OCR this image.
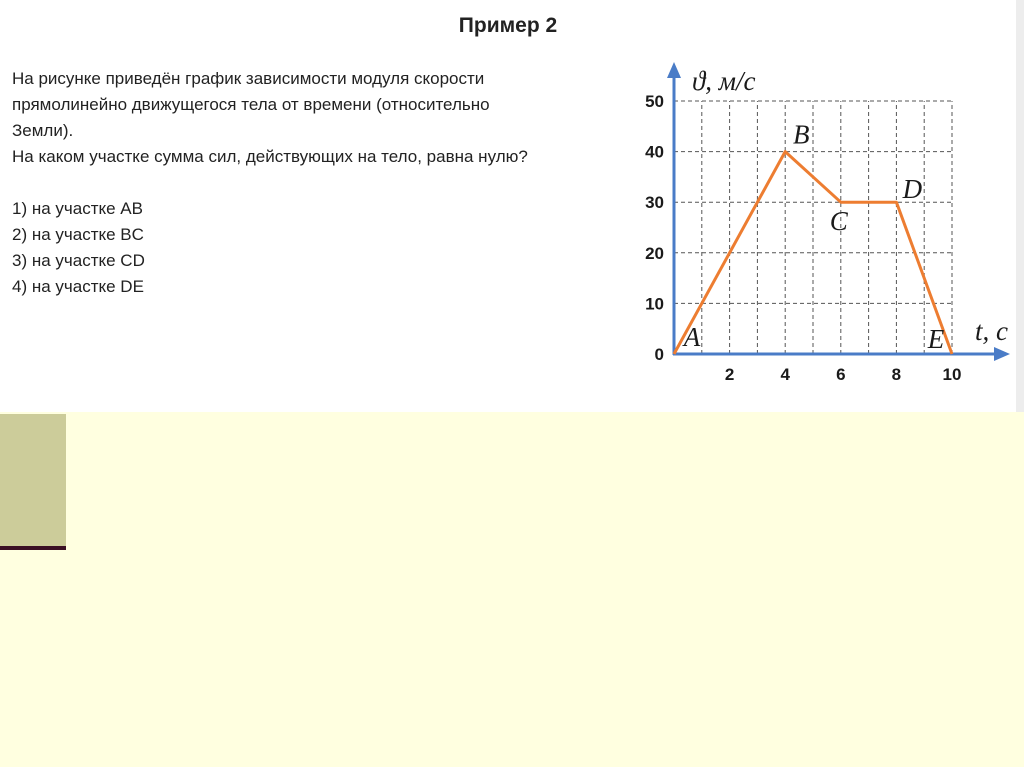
Пример 2
На рисунке приведён график зависимости модуля скорости
прямолинейно движущегося тела от времени (относительно
Земли).
На каком участке сумма сил, действующих на тело, равна нулю?
1) на участке AB
2) на участке BC
3) на участке CD
4) на участке DE
0
10
20
30
40
50
2	4	6	8 10
ϑ, м/с
t, c
A
B
C
D
E
